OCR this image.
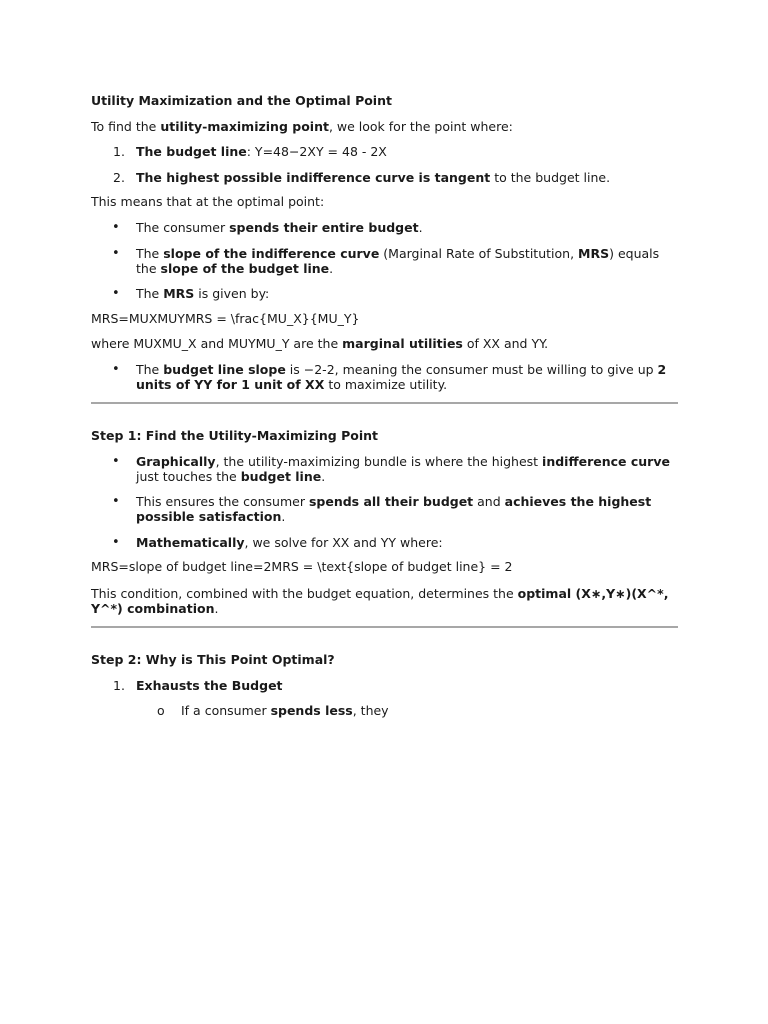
Utility Maximization and the Optimal Point
To find the utility-maximizing point, we look for the point where:
1. The budget line: Y=48−2XY = 48 - 2X
2. The highest possible indifference curve is tangent to the budget line.
This means that at the optimal point:
• The consumer spends their entire budget.
• The slope of the indifference curve (Marginal Rate of Substitution, MRS) equals the slope of the budget line.
• The MRS is given by:
MRS=MUXMUYMRS = \frac{MU_X}{MU_Y}
where MUXMU_X and MUYMU_Y are the marginal utilities of XX and YY.
• The budget line slope is −2-2, meaning the consumer must be willing to give up 2 units of YY for 1 unit of XX to maximize utility.
Step 1: Find the Utility-Maximizing Point
• Graphically, the utility-maximizing bundle is where the highest indifference curve just touches the budget line.
• This ensures the consumer spends all their budget and achieves the highest possible satisfaction.
• Mathematically, we solve for XX and YY where:
MRS=slope of budget line=2MRS = \text{slope of budget line} = 2
This condition, combined with the budget equation, determines the optimal (X∗,Y∗)(X^*, Y^*) combination.
Step 2: Why is This Point Optimal?
1. Exhausts the Budget
o If a consumer spends less, they
